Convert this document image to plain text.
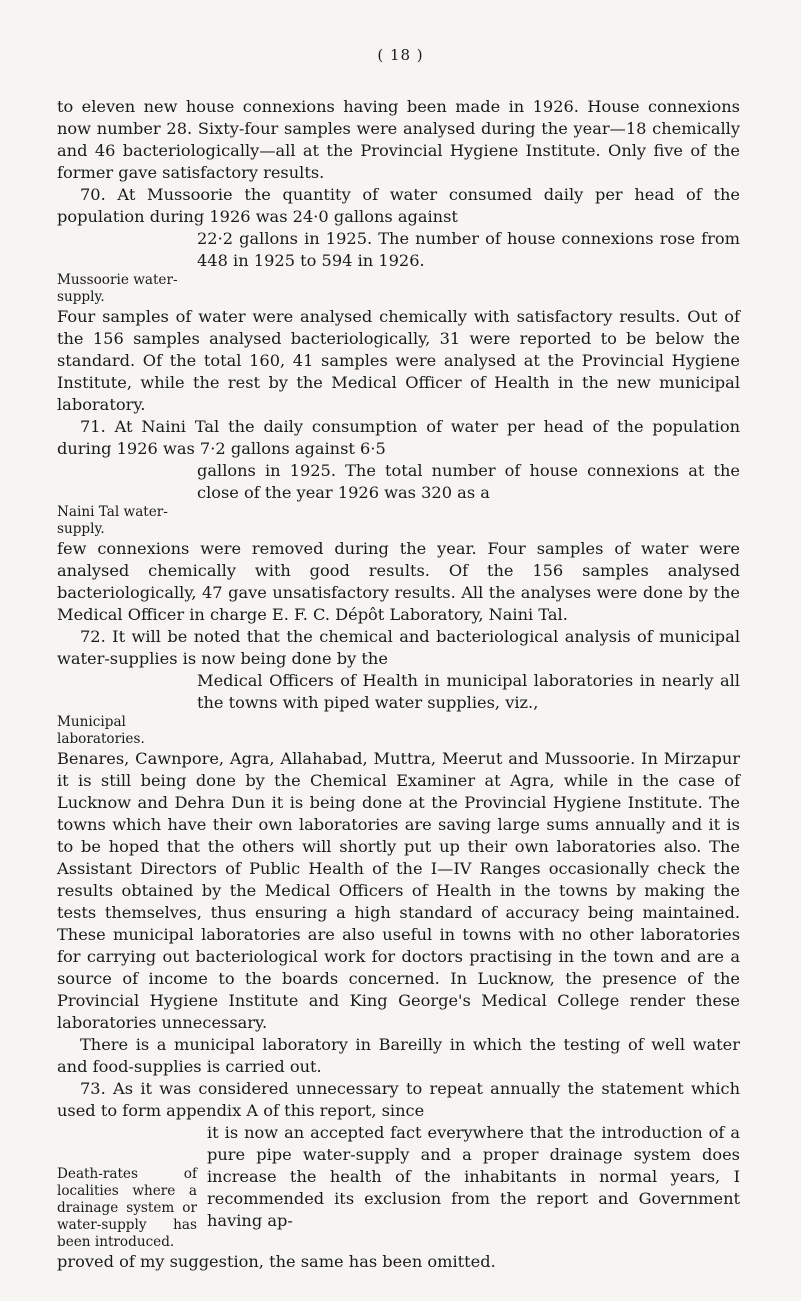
( 18 )

to eleven new house connexions having been made in 1926. House connexions now number 28. Sixty-four samples were analysed during the year—18 chemically and 46 bacteriologically—all at the Provincial Hygiene Institute. Only five of the former gave satisfactory results.

70. At Mussoorie the quantity of water consumed daily per head of the population during 1926 was 24·0 gallons against

Mussoorie water-supply.

22·2 gallons in 1925. The number of house connexions rose from 448 in 1925 to 594 in 1926.

Four samples of water were analysed chemically with satisfactory results. Out of the 156 samples analysed bacteriologically, 31 were reported to be below the standard. Of the total 160, 41 samples were analysed at the Provincial Hygiene Institute, while the rest by the Medical Officer of Health in the new municipal laboratory.

71. At Naini Tal the daily consumption of water per head of the population during 1926 was 7·2 gallons against 6·5

Naini Tal water-supply.

gallons in 1925. The total number of house connexions at the close of the year 1926 was 320 as a

few connexions were removed during the year. Four samples of water were analysed chemically with good results. Of the 156 samples analysed bacteriologically, 47 gave unsatisfactory results. All the analyses were done by the Medical Officer in charge E. F. C. Dépôt Laboratory, Naini Tal.

72. It will be noted that the chemical and bacteriological analysis of municipal water-supplies is now being done by the

Municipal laboratories.

Medical Officers of Health in municipal laboratories in nearly all the towns with piped water supplies, viz.,

Benares, Cawnpore, Agra, Allahabad, Muttra, Meerut and Mussoorie. In Mirzapur it is still being done by the Chemical Examiner at Agra, while in the case of Lucknow and Dehra Dun it is being done at the Provincial Hygiene Institute. The towns which have their own laboratories are saving large sums annually and it is to be hoped that the others will shortly put up their own laboratories also. The Assistant Directors of Public Health of the I—IV Ranges occasionally check the results obtained by the Medical Officers of Health in the towns by making the tests themselves, thus ensuring a high standard of accuracy being maintained. These municipal laboratories are also useful in towns with no other laboratories for carrying out bacteriological work for doctors practising in the town and are a source of income to the boards concerned. In Lucknow, the presence of the Provincial Hygiene Institute and King George's Medical College render these laboratories unnecessary.

There is a municipal laboratory in Bareilly in which the testing of well water and food-supplies is carried out.

73. As it was considered unnecessary to repeat annually the statement which used to form appendix A of this report, since

Death-rates of localities where a drainage system or water-supply has been introduced.

it is now an accepted fact everywhere that the introduction of a pure pipe water-supply and a proper drainage system does increase the health of the inhabitants in normal years, I recommended its exclusion from the report and Government having ap-

proved of my suggestion, the same has been omitted.
